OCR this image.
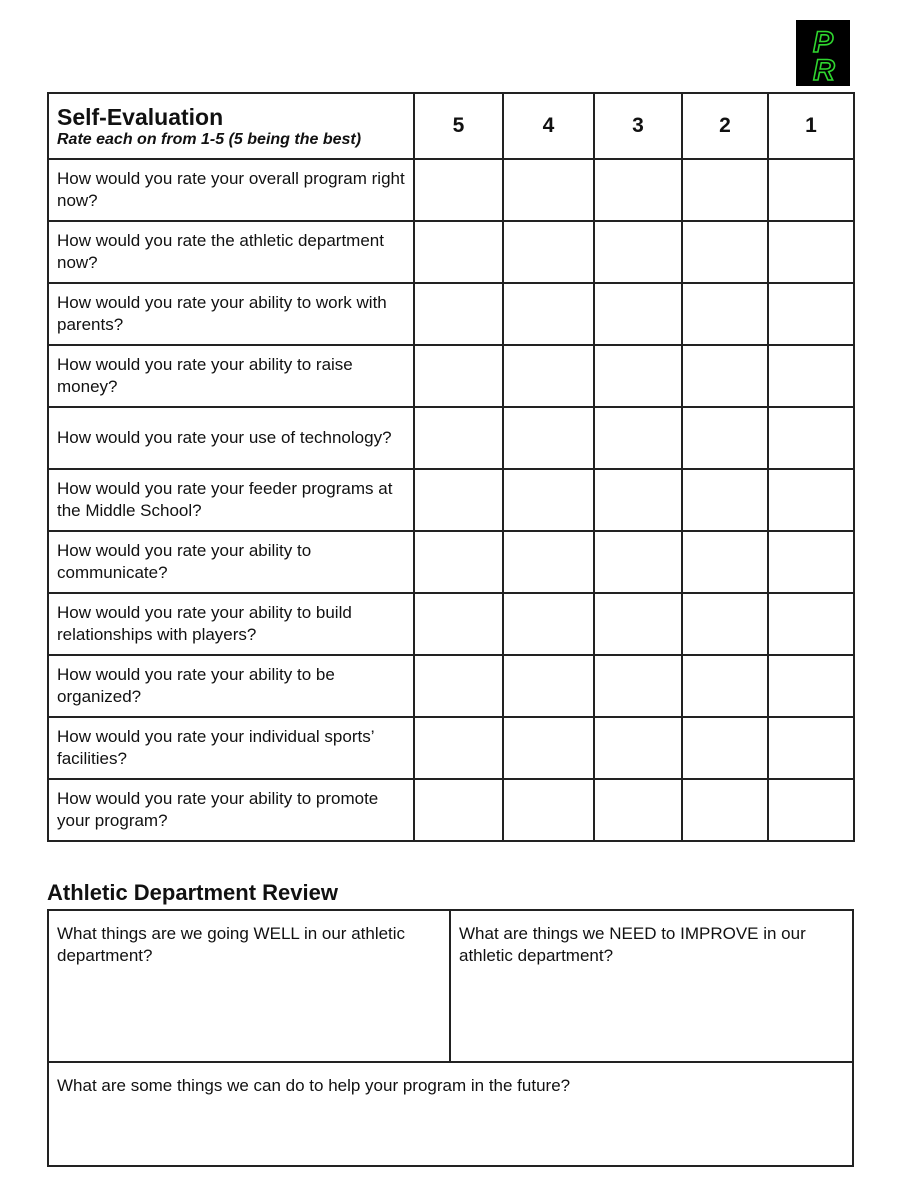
P
R
Self-Evaluation
Rate each on from 1-5 (5 being the best)	5	4	3	2	1
How would you rate your overall program right now?					
How would you rate the athletic department now?					
How would you rate your ability to work with parents?					
How would you rate your ability to raise money?					
How would you rate your use of technology?					
How would you rate your feeder programs at the Middle School?					
How would you rate your ability to communicate?					
How would you rate your ability to build relationships with players?					
How would you rate your ability to be organized?					
How would you rate your individual sports’ facilities?					
How would you rate your ability to promote your program?					
Athletic Department Review
What things are we going WELL in our athletic department?
What are things we NEED to IMPROVE in our athletic department?
What are some things we can do to help your program in the future?
